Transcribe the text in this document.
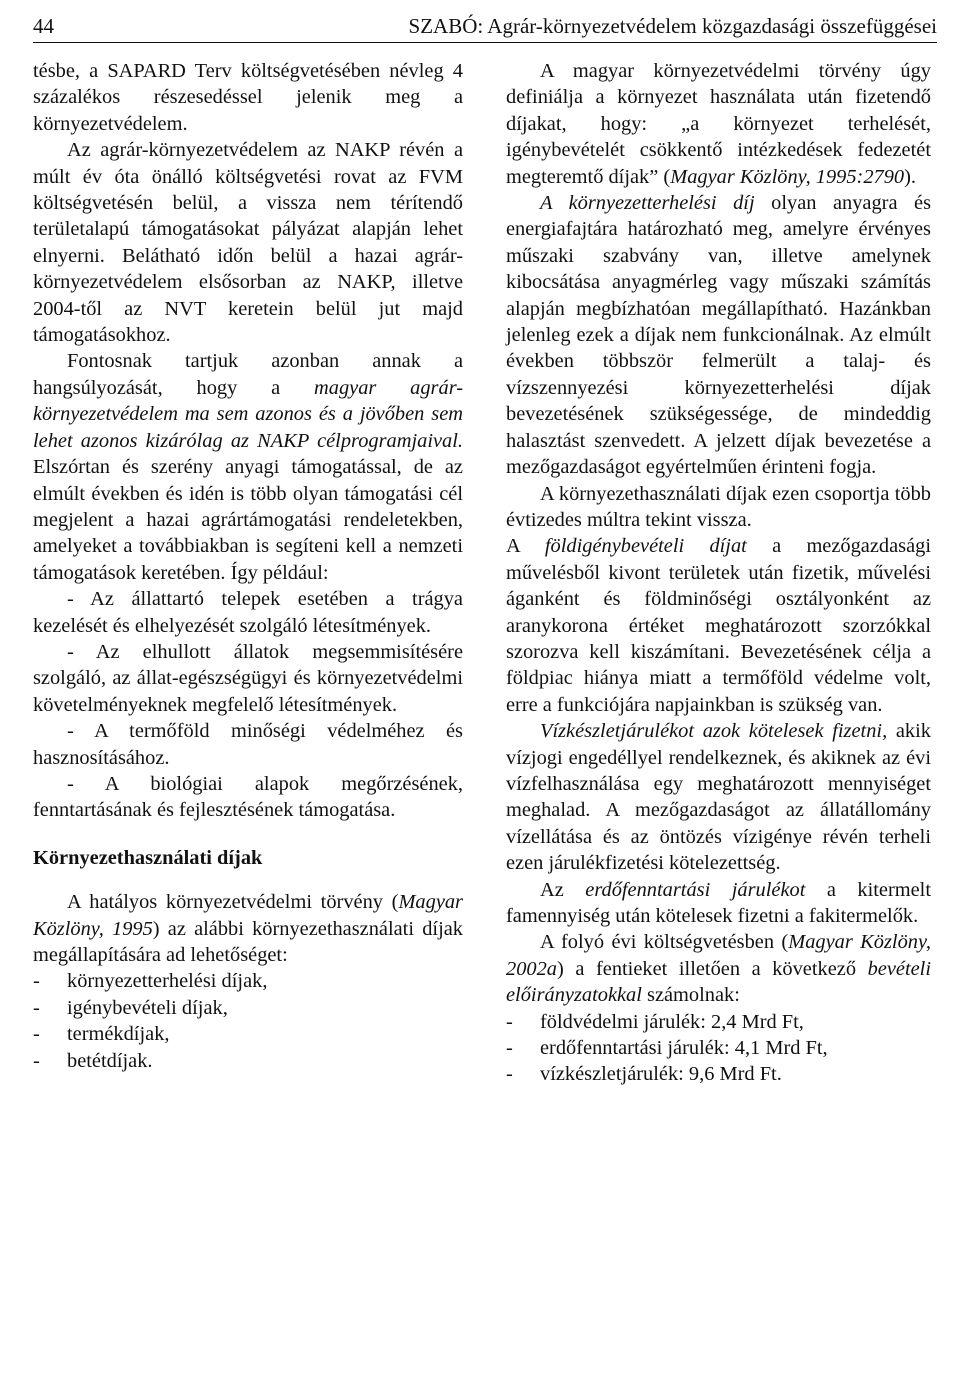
44	SZABÓ: Agrár-környezetvédelem közgazdasági összefüggései

tésbe, a SAPARD Terv költségvetésében névleg 4 százalékos részesedéssel jelenik meg a környezetvédelem.

Az agrár-környezetvédelem az NAKP révén a múlt év óta önálló költségvetési rovat az FVM költségvetésén belül, a vissza nem térítendő területalapú támogatásokat pályázat alapján lehet elnyerni. Belátható időn belül a hazai agrár-környezetvédelem elsősorban az NAKP, illetve 2004-től az NVT keretein belül jut majd támogatásokhoz.

Fontosnak tartjuk azonban annak a hangsúlyozását, hogy a magyar agrár-környezetvédelem ma sem azonos és a jövőben sem lehet azonos kizárólag az NAKP célprogramjaival. Elszórtan és szerény anyagi támogatással, de az elmúlt években és idén is több olyan támogatási cél megjelent a hazai agrártámogatási rendeletekben, amelyeket a továbbiakban is segíteni kell a nemzeti támogatások keretében. Így például:

- Az állattartó telepek esetében a trágya kezelését és elhelyezését szolgáló létesítmények.

- Az elhullott állatok megsemmisítésére szolgáló, az állat-egészségügyi és környezetvédelmi követelményeknek megfelelő létesítmények.

- A termőföld minőségi védelméhez és hasznosításához.

- A biológiai alapok megőrzésének, fenntartásának és fejlesztésének támogatása.

Környezethasználati díjak

A hatályos környezetvédelmi törvény (Magyar Közlöny, 1995) az alábbi környezethasználati díjak megállapítására ad lehetőséget:

- környezetterhelési díjak,
- igénybevételi díjak,
- termékdíjak,
- betétdíjak.

A magyar környezetvédelmi törvény úgy definiálja a környezet használata után fizetendő díjakat, hogy: „a környezet terhelését, igénybevételét csökkentő intézkedések fedezetét megteremtő díjak” (Magyar Közlöny, 1995:2790).

A környezetterhelési díj olyan anyagra és energiafajtára határozható meg, amelyre érvényes műszaki szabvány van, illetve amelynek kibocsátása anyagmérleg vagy műszaki számítás alapján megbízhatóan megállapítható. Hazánkban jelenleg ezek a díjak nem funkcionálnak. Az elmúlt években többször felmerült a talaj- és vízszennyezési környezetterhelési díjak bevezetésének szükségessége, de mindeddig halasztást szenvedett. A jelzett díjak bevezetése a mezőgazdaságot egyértelműen érinteni fogja.

A környezethasználati díjak ezen csoportja több évtizedes múltra tekint vissza.

A földigénybevételi díjat a mezőgazdasági művelésből kivont területek után fizetik, művelési áganként és földminőségi osztályonként az aranykorona értéket meghatározott szorzókkal szorozva kell kiszámítani. Bevezetésének célja a földpiac hiánya miatt a termőföld védelme volt, erre a funkciójára napjainkban is szükség van.

Vízkészletjárulékot azok kötelesek fizetni, akik vízjogi engedéllyel rendelkeznek, és akiknek az évi vízfelhasználása egy meghatározott mennyiséget meghalad. A mezőgazdaságot az állatállomány vízellátása és az öntözés vízigénye révén terheli ezen járulékfizetési kötelezettség.

Az erdőfenntartási járulékot a kitermelt famennyiség után kötelesek fizetni a fakitermelők.

A folyó évi költségvetésben (Magyar Közlöny, 2002a) a fentieket illetően a következő bevételi előirányzatokkal számolnak:

- földvédelmi járulék: 2,4 Mrd Ft,
- erdőfenntartási járulék: 4,1 Mrd Ft,
- vízkészletjárulék: 9,6 Mrd Ft.
